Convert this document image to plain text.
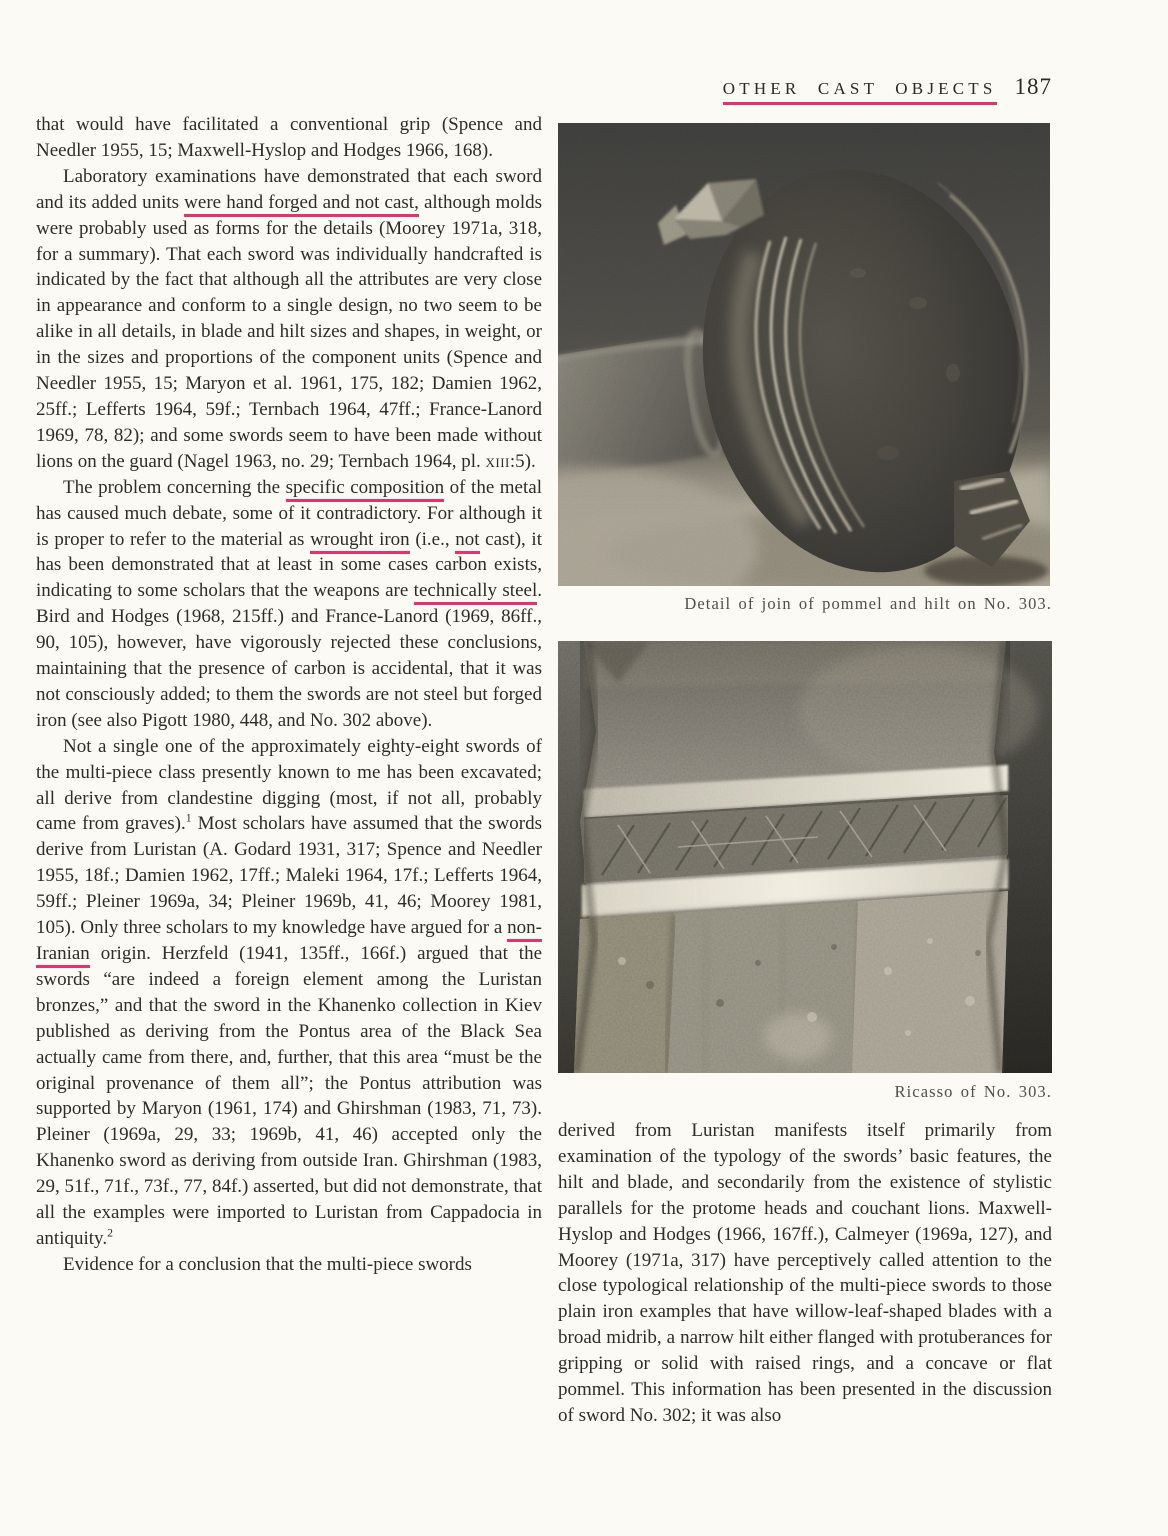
OTHER CAST OBJECTS 187

that would have facilitated a conventional grip (Spence and Needler 1955, 15; Maxwell-Hyslop and Hodges 1966, 168).

Laboratory examinations have demonstrated that each sword and its added units were hand forged and not cast, although molds were probably used as forms for the details (Moorey 1971a, 318, for a summary). That each sword was individually handcrafted is indicated by the fact that although all the attributes are very close in appearance and conform to a single design, no two seem to be alike in all details, in blade and hilt sizes and shapes, in weight, or in the sizes and proportions of the component units (Spence and Needler 1955, 15; Maryon et al. 1961, 175, 182; Damien 1962, 25ff.; Lefferts 1964, 59f.; Ternbach 1964, 47ff.; France-Lanord 1969, 78, 82); and some swords seem to have been made without lions on the guard (Nagel 1963, no. 29; Ternbach 1964, pl. xiii:5).

The problem concerning the specific composition of the metal has caused much debate, some of it contradictory. For although it is proper to refer to the material as wrought iron (i.e., not cast), it has been demonstrated that at least in some cases carbon exists, indicating to some scholars that the weapons are technically steel. Bird and Hodges (1968, 215ff.) and France-Lanord (1969, 86ff., 90, 105), however, have vigorously rejected these conclusions, maintaining that the presence of carbon is accidental, that it was not consciously added; to them the swords are not steel but forged iron (see also Pigott 1980, 448, and No. 302 above).

Not a single one of the approximately eighty-eight swords of the multi-piece class presently known to me has been excavated; all derive from clandestine digging (most, if not all, probably came from graves).$^1$ Most scholars have assumed that the swords derive from Luristan (A. Godard 1931, 317; Spence and Needler 1955, 18f.; Damien 1962, 17ff.; Maleki 1964, 17f.; Lefferts 1964, 59ff.; Pleiner 1969a, 34; Pleiner 1969b, 41, 46; Moorey 1981, 105). Only three scholars to my knowledge have argued for a non-Iranian origin. Herzfeld (1941, 135ff., 166f.) argued that the swords “are indeed a foreign element among the Luristan bronzes,” and that the sword in the Khanenko collection in Kiev published as deriving from the Pontus area of the Black Sea actually came from there, and, further, that this area “must be the original provenance of them all”; the Pontus attribution was supported by Maryon (1961, 174) and Ghirshman (1983, 71, 73). Pleiner (1969a, 29, 33; 1969b, 41, 46) accepted only the Khanenko sword as deriving from outside Iran. Ghirshman (1983, 29, 51f., 71f., 73f., 77, 84f.) asserted, but did not demonstrate, that all the examples were imported to Luristan from Cappadocia in antiquity.$^2$

Evidence for a conclusion that the multi-piece swords

Detail of join of pommel and hilt on No. 303.
Ricasso of No. 303.

derived from Luristan manifests itself primarily from examination of the typology of the swords’ basic features, the hilt and blade, and secondarily from the existence of stylistic parallels for the protome heads and couchant lions. Maxwell-Hyslop and Hodges (1966, 167ff.), Calmeyer (1969a, 127), and Moorey (1971a, 317) have perceptively called attention to the close typological relationship of the multi-piece swords to those plain iron examples that have willow-leaf-shaped blades with a broad midrib, a narrow hilt either flanged with protuberances for gripping or solid with raised rings, and a concave or flat pommel. This information has been presented in the discussion of sword No. 302; it was also
